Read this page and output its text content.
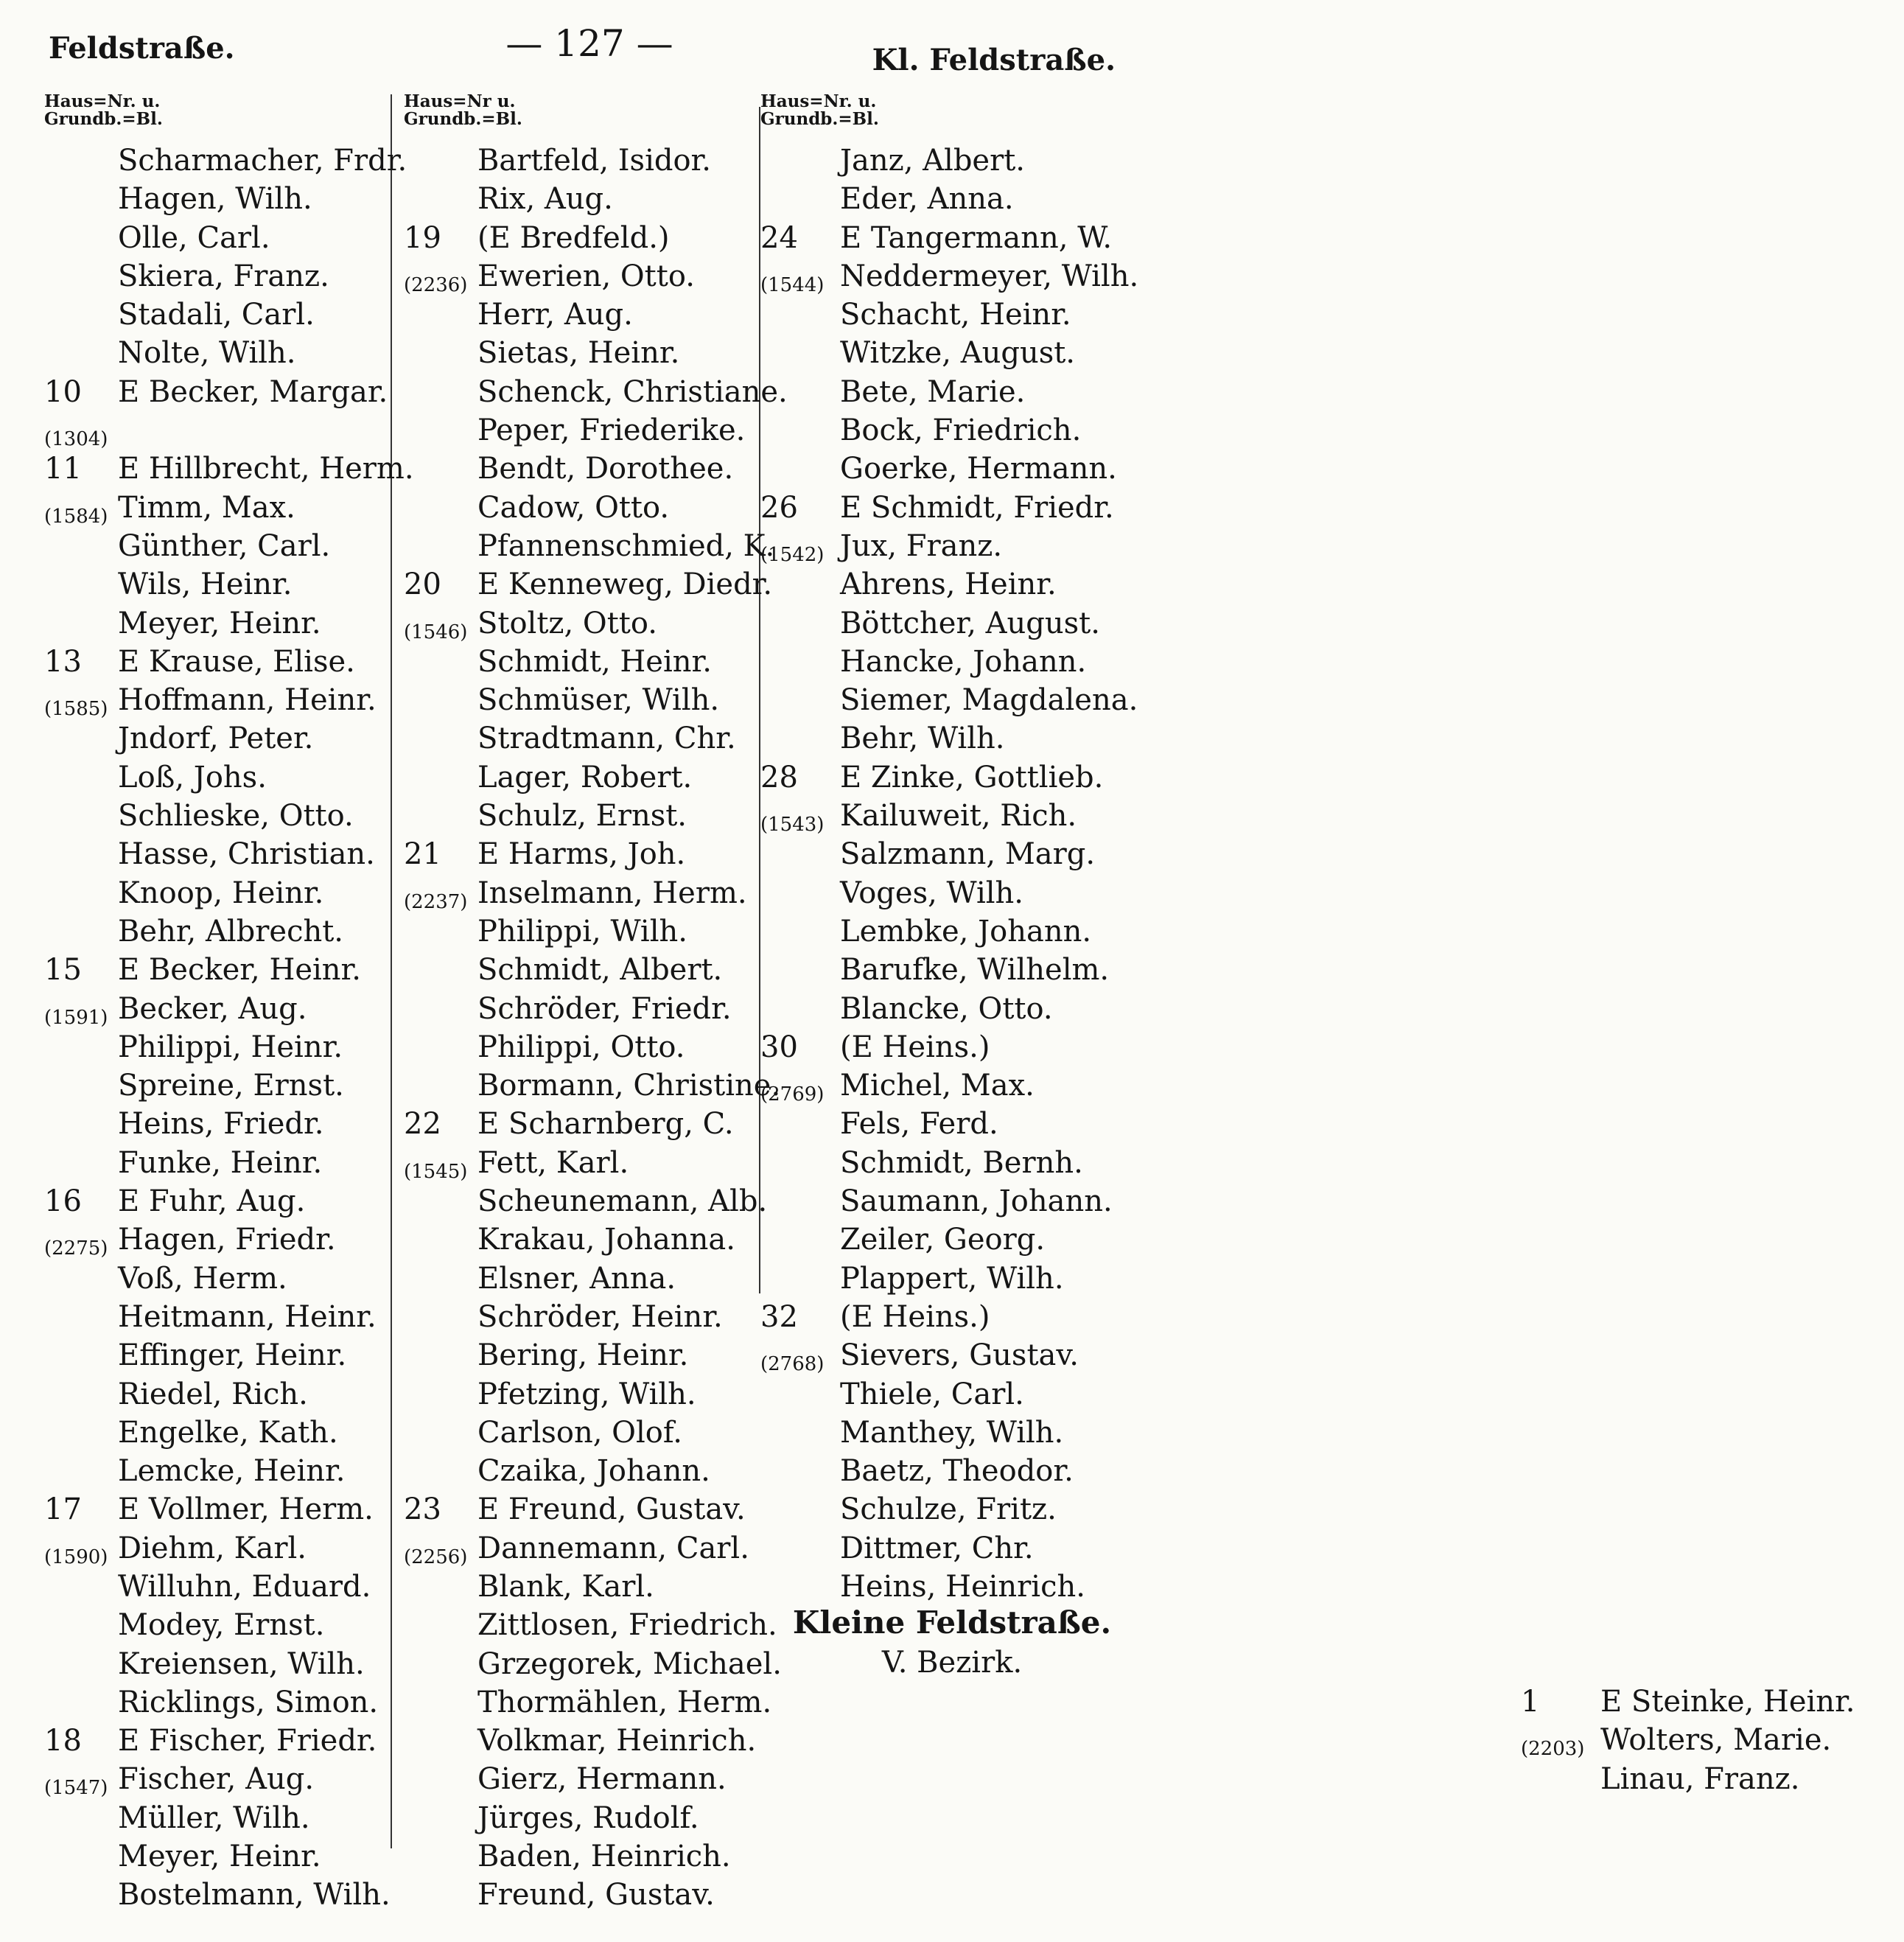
Feldstraße.	— 127 —	Kl. Feldstraße.
Haus=Nr. u.
Grundb.=Bl.
Scharmacher, Frdr.
Hagen, Wilh.
Olle, Carl.
Skiera, Franz.
Stadali, Carl.
Nolte, Wilh.
10 E Becker, Margar.
(1304)
11 E Hillbrecht, Herm.
(1584) Timm, Max.
Günther, Carl.
Wils, Heinr.
Meyer, Heinr.
13 E Krause, Elise.
(1585) Hoffmann, Heinr.
Jndorf, Peter.
Loß, Johs.
Schlieske, Otto.
Hasse, Christian.
Knoop, Heinr.
Behr, Albrecht.
15 E Becker, Heinr.
(1591) Becker, Aug.
Philippi, Heinr.
Spreine, Ernst.
Heins, Friedr.
Funke, Heinr.
16 E Fuhr, Aug.
(2275) Hagen, Friedr.
Voß, Herm.
Heitmann, Heinr.
Effinger, Heinr.
Riedel, Rich.
Engelke, Kath.
Lemcke, Heinr.
17 E Vollmer, Herm.
(1590) Diehm, Karl.
Willuhn, Eduard.
Modey, Ernst.
Kreiensen, Wilh.
Ricklings, Simon.
18 E Fischer, Friedr.
(1547) Fischer, Aug.
Müller, Wilh.
Meyer, Heinr.
Bostelmann, Wilh.
Haus=Nr u.
Grundb.=Bl.
Bartfeld, Isidor.
Rix, Aug.
19 (E Bredfeld.)
(2236) Ewerien, Otto.
Herr, Aug.
Sietas, Heinr.
Schenck, Christiane.
Peper, Friederike.
Bendt, Dorothee.
Cadow, Otto.
Pfannenschmied, K.
20 E Kenneweg, Diedr.
(1546) Stoltz, Otto.
Schmidt, Heinr.
Schmüser, Wilh.
Stradtmann, Chr.
Lager, Robert.
Schulz, Ernst.
21 E Harms, Joh.
(2237) Inselmann, Herm.
Philippi, Wilh.
Schmidt, Albert.
Schröder, Friedr.
Philippi, Otto.
Bormann, Christine.
22 E Scharnberg, C.
(1545) Fett, Karl.
Scheunemann, Alb.
Krakau, Johanna.
Elsner, Anna.
Schröder, Heinr.
Bering, Heinr.
Pfetzing, Wilh.
Carlson, Olof.
Czaika, Johann.
23 E Freund, Gustav.
(2256) Dannemann, Carl.
Blank, Karl.
Zittlosen, Friedrich.
Grzegorek, Michael.
Thormählen, Herm.
Volkmar, Heinrich.
Gierz, Hermann.
Jürges, Rudolf.
Baden, Heinrich.
Freund, Gustav.
Haus=Nr. u.
Grundb.=Bl.
Janz, Albert.
Eder, Anna.
24 E Tangermann, W.
(1544) Neddermeyer, Wilh.
Schacht, Heinr.
Witzke, August.
Bete, Marie.
Bock, Friedrich.
Goerke, Hermann.
26 E Schmidt, Friedr.
(1542) Jux, Franz.
Ahrens, Heinr.
Böttcher, August.
Hancke, Johann.
Siemer, Magdalena.
Behr, Wilh.
28 E Zinke, Gottlieb.
(1543) Kailuweit, Rich.
Salzmann, Marg.
Voges, Wilh.
Lembke, Johann.
Barufke, Wilhelm.
Blancke, Otto.
30 (E Heins.)
(2769) Michel, Max.
Fels, Ferd.
Schmidt, Bernh.
Saumann, Johann.
Zeiler, Georg.
Plappert, Wilh.
32 (E Heins.)
(2768) Sievers, Gustav.
Thiele, Carl.
Manthey, Wilh.
Baetz, Theodor.
Schulze, Fritz.
Dittmer, Chr.
Heins, Heinrich.
Kleine Feldstraße.
V. Bezirk.
1 E Steinke, Heinr.
(2203) Wolters, Marie.
Linau, Franz.
